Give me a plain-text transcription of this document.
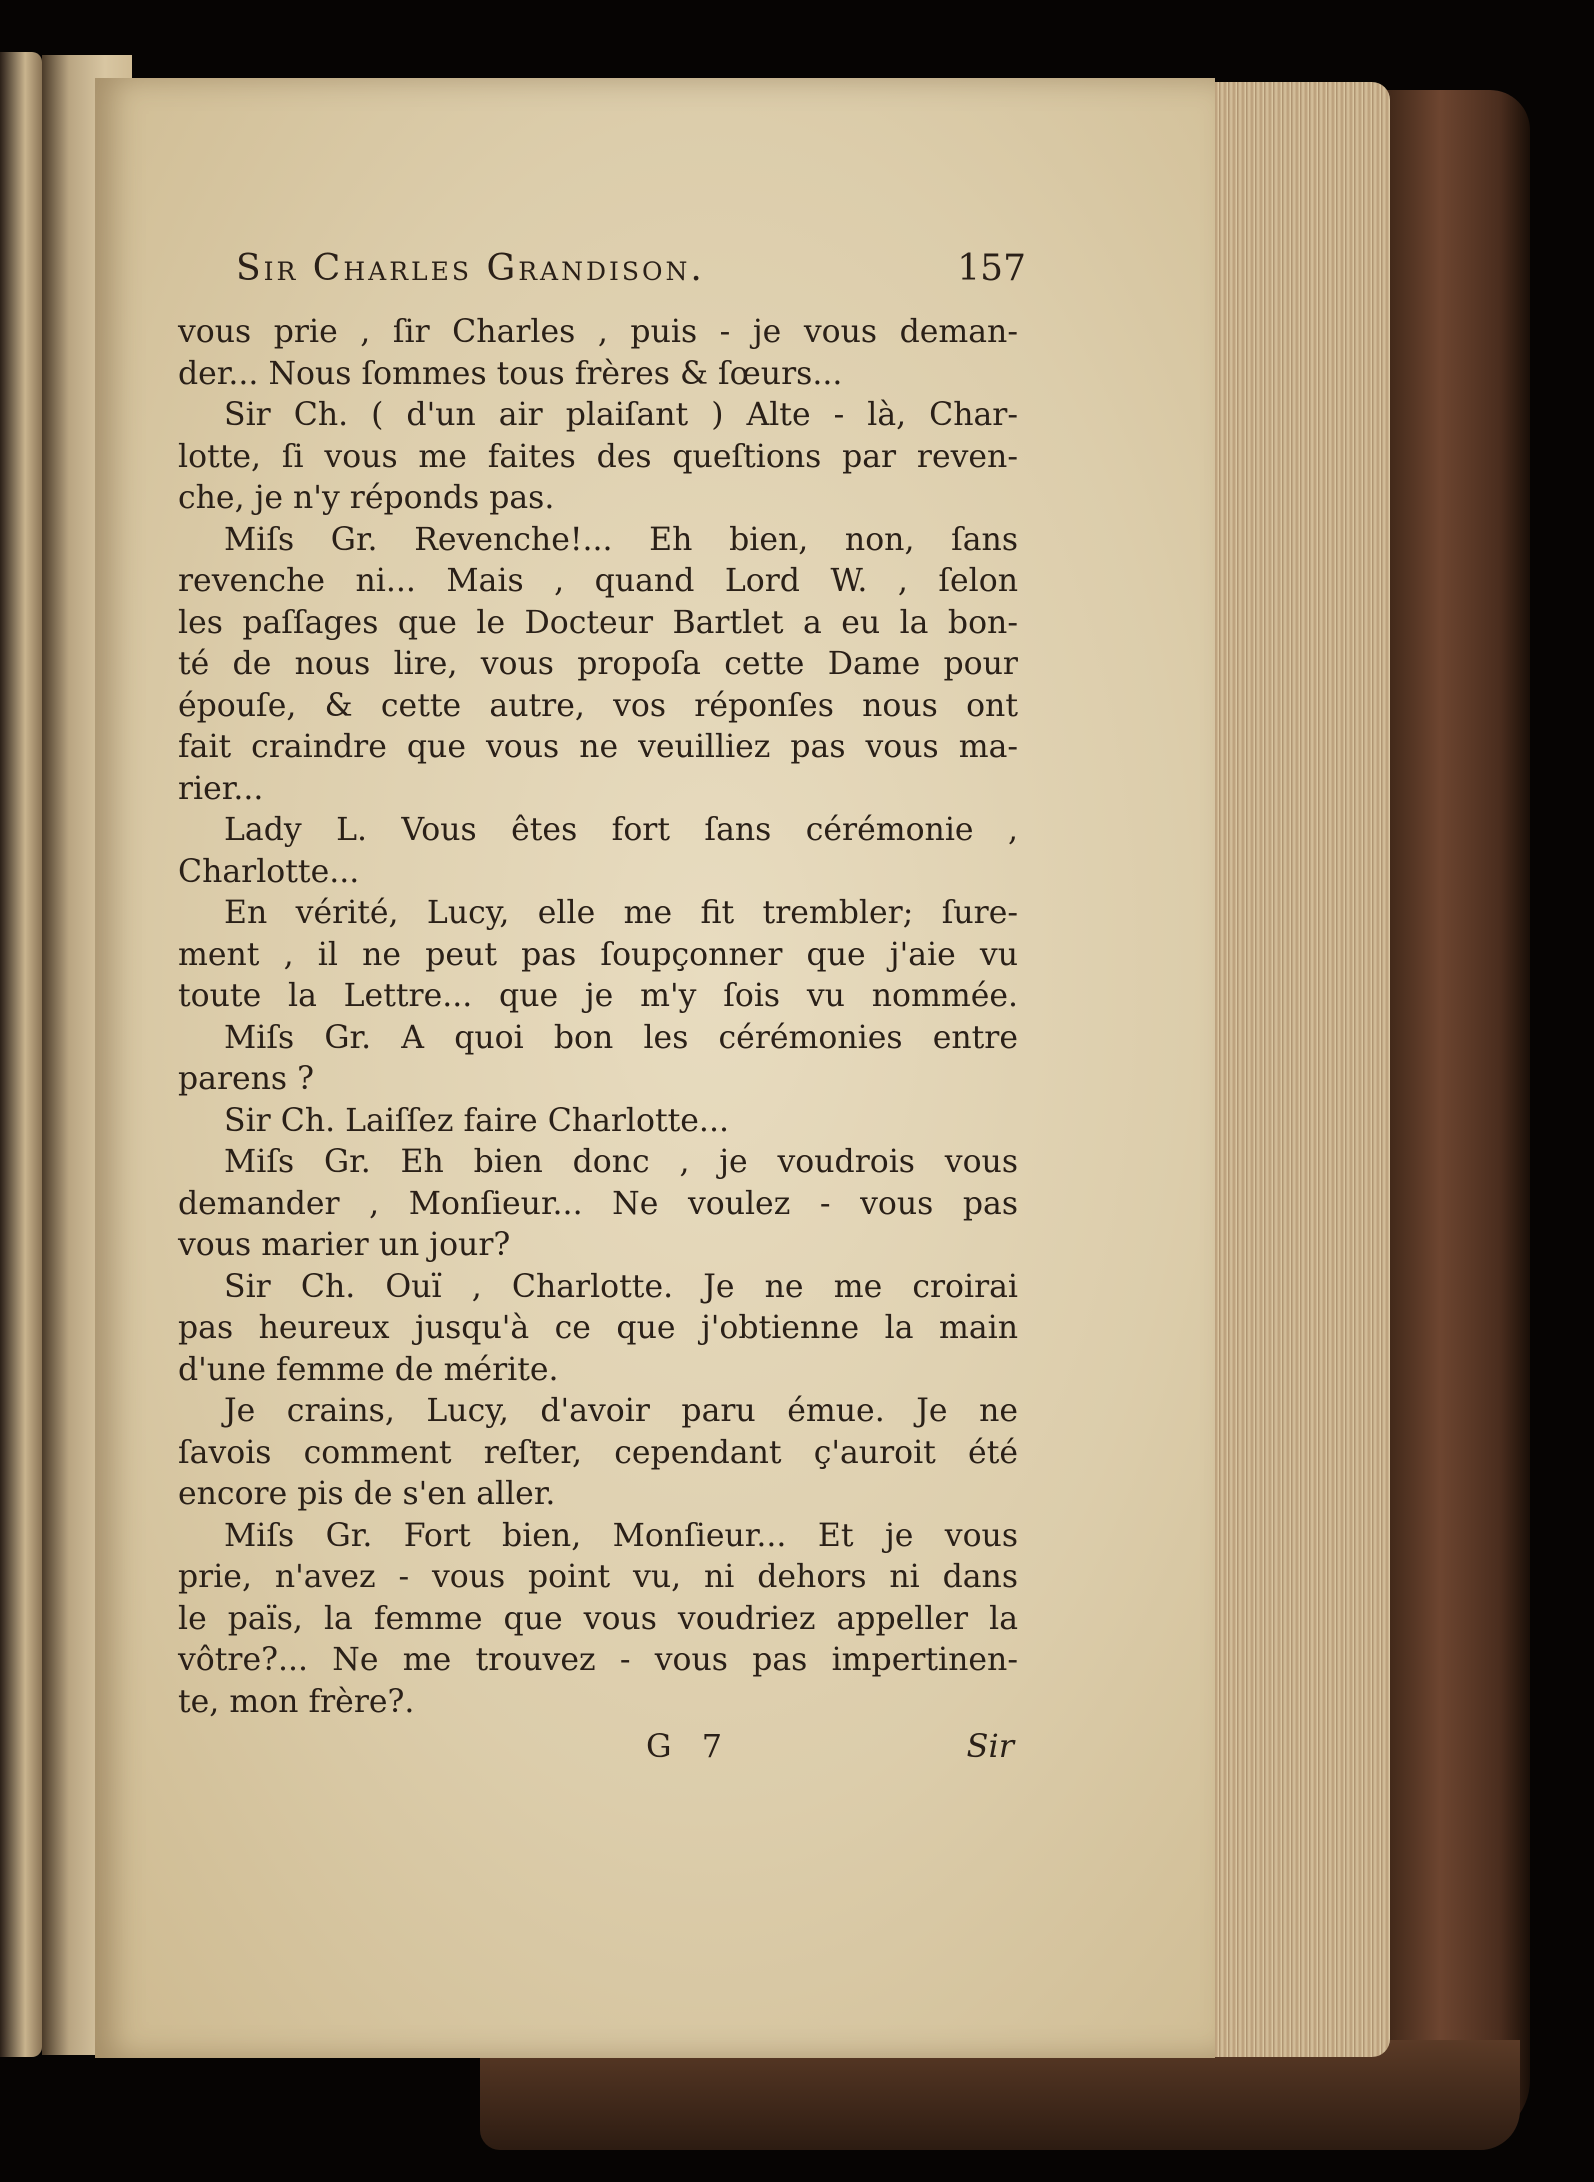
Sir Charles Grandison.	157
vous prie , ſir Charles , puis - je vous deman-
der... Nous ſommes tous frères & ſœurs...
Sir Ch. ( d'un air plaiſant ) Alte - là, Char-
lotte, ſi vous me faites des queſtions par reven-
che, je n'y réponds pas.
Miſs Gr. Revenche!... Eh bien, non, ſans
revenche ni... Mais , quand Lord W. , ſelon
les paſſages que le Docteur Bartlet a eu la bon-
té de nous lire, vous propoſa cette Dame pour
épouſe, & cette autre, vos réponſes nous ont
fait craindre que vous ne veuilliez pas vous ma-
rier...
Lady L. Vous êtes fort ſans cérémonie ,
Charlotte...
En vérité, Lucy, elle me fit trembler; ſure-
ment , il ne peut pas ſoupçonner que j'aie vu
toute la Lettre... que je m'y ſois vu nommée.
Miſs Gr. A quoi bon les cérémonies entre
parens ?
Sir Ch. Laiſſez faire Charlotte...
Miſs Gr. Eh bien donc , je voudrois vous
demander , Monſieur... Ne voulez - vous pas
vous marier un jour?
Sir Ch. Ouï , Charlotte. Je ne me croirai
pas heureux jusqu'à ce que j'obtienne la main
d'une femme de mérite.
Je crains, Lucy, d'avoir paru émue. Je ne
ſavois comment reſter, cependant ç'auroit été
encore pis de s'en aller.
Miſs Gr. Fort bien, Monſieur... Et je vous
prie, n'avez - vous point vu, ni dehors ni dans
le païs, la femme que vous voudriez appeller la
vôtre?... Ne me trouvez - vous pas impertinen-
te, mon frère?.
G 7	Sir
